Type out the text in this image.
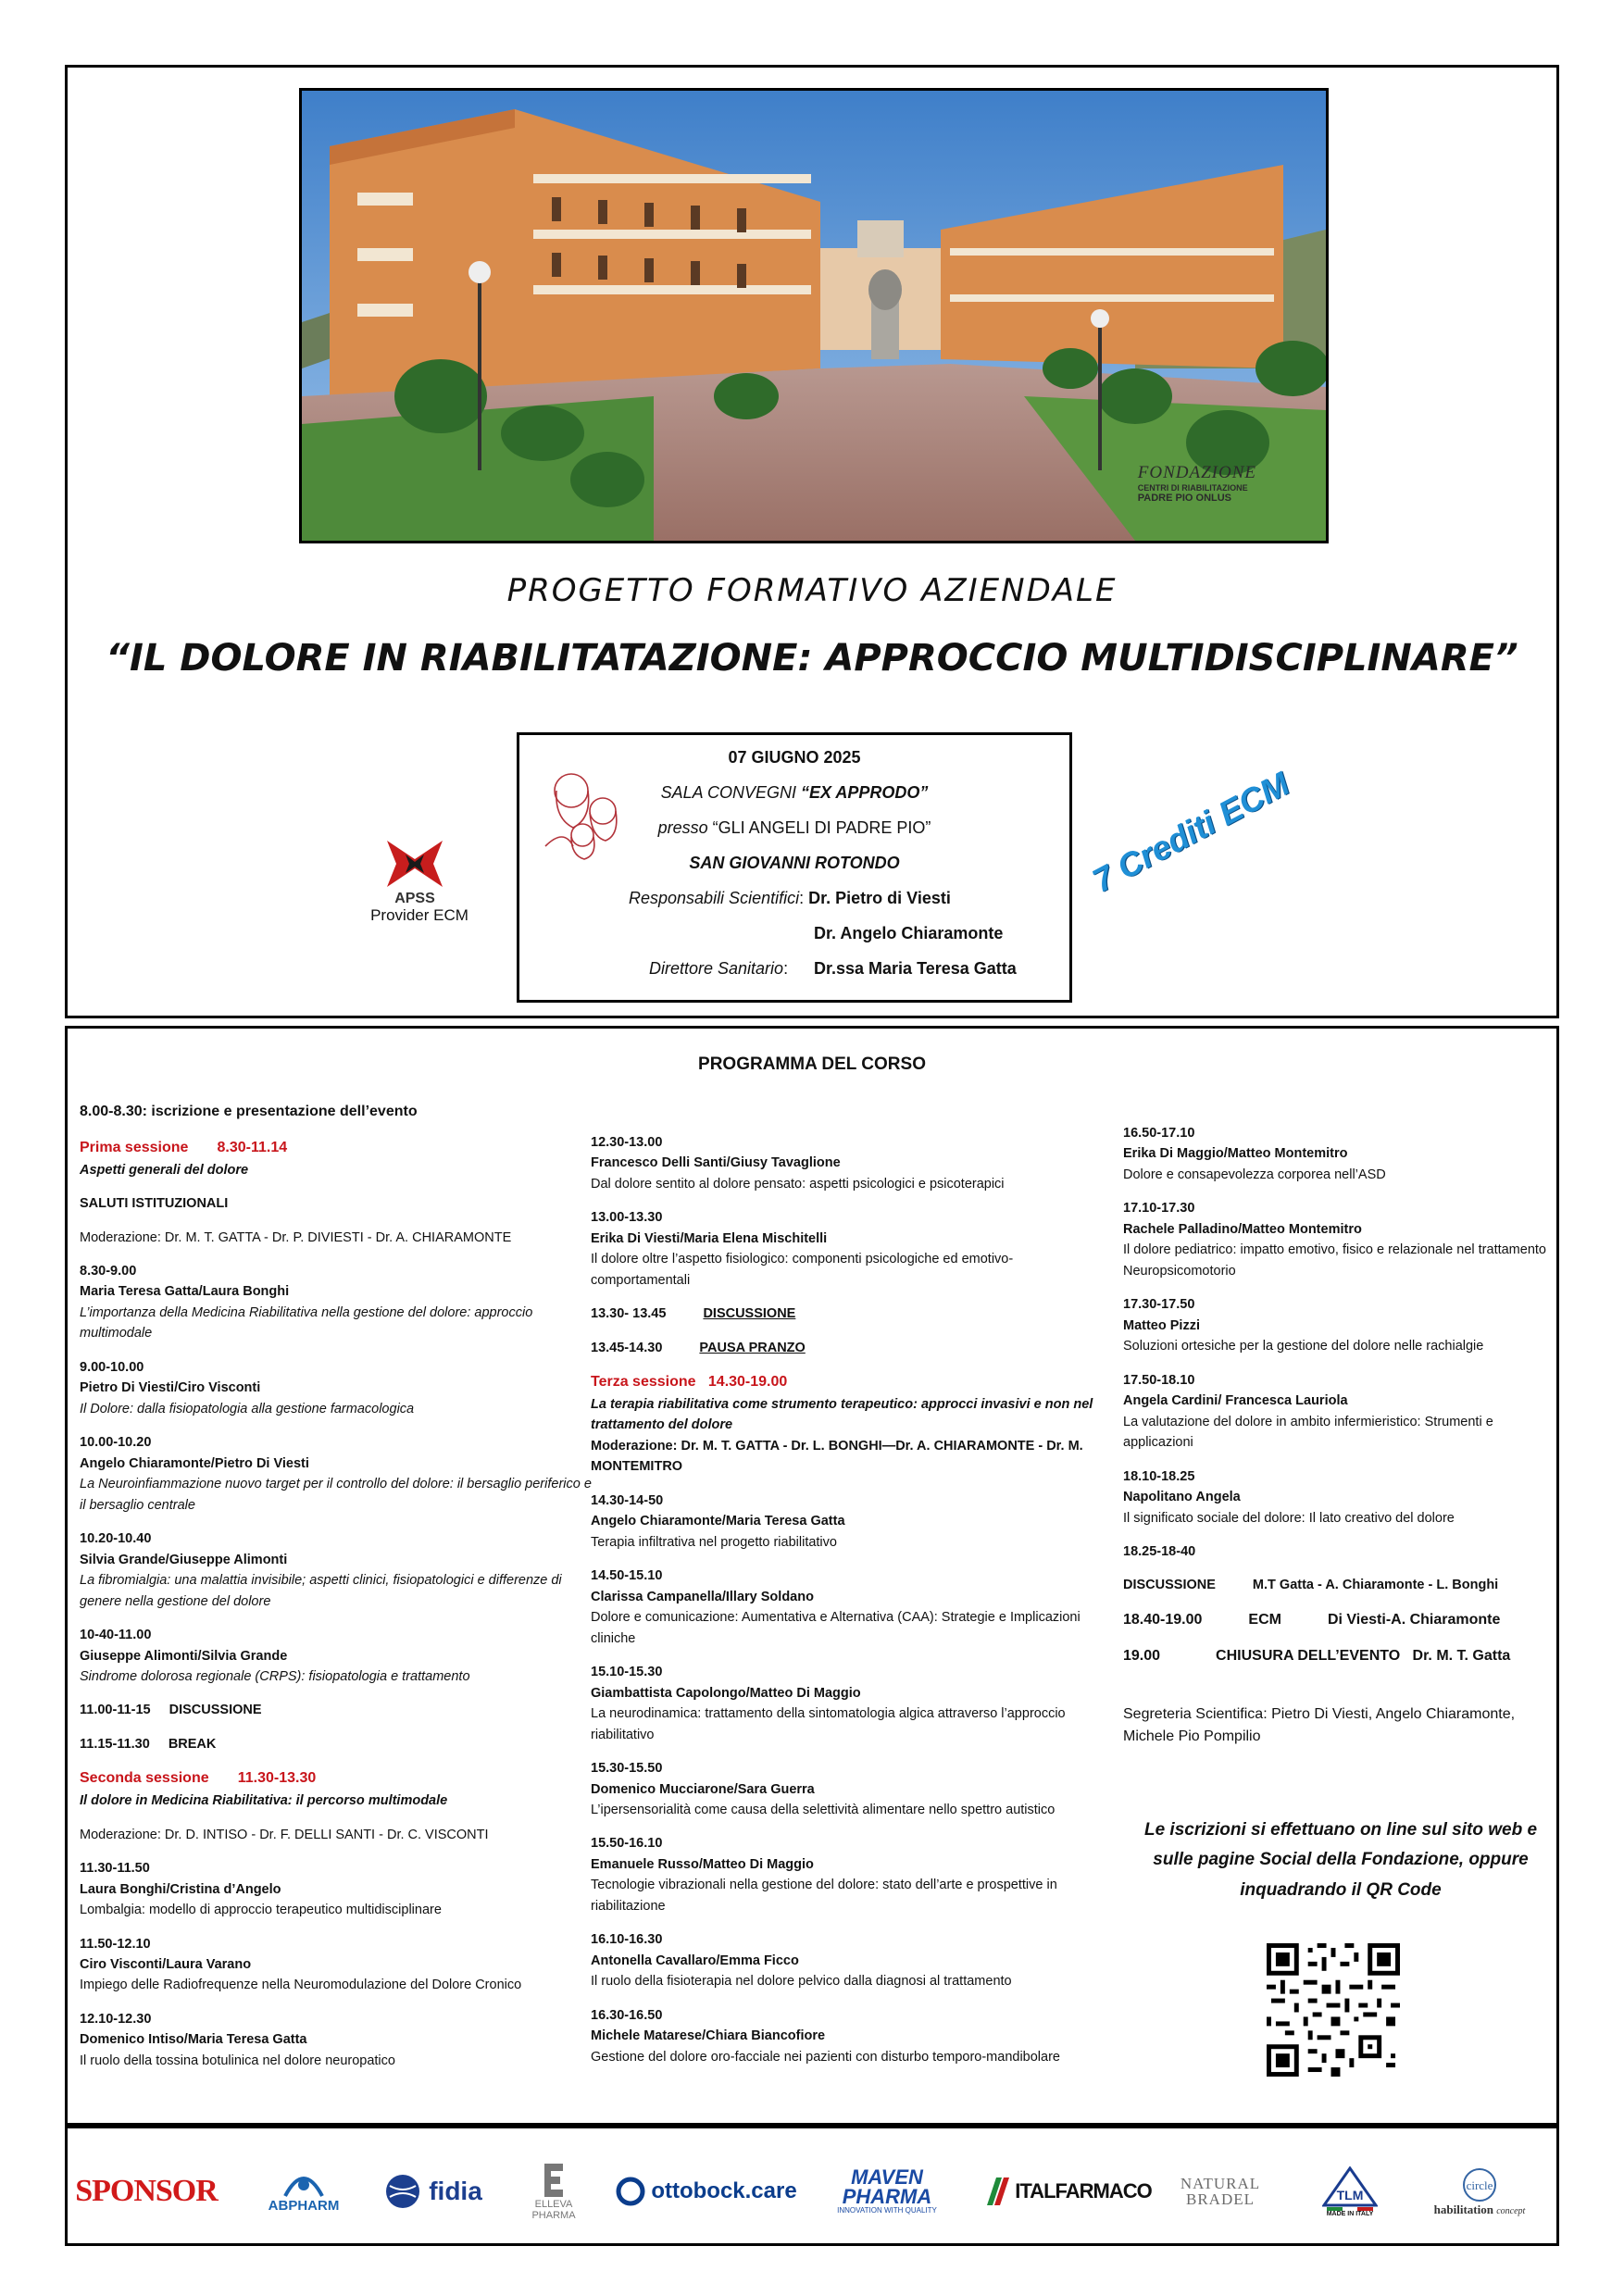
FONDAZIONE
CENTRI DI RIABILITAZIONE
PADRE PIO ONLUS
PROGETTO FORMATIVO AZIENDALE
“IL DOLORE IN RIABILITATAZIONE: APPROCCIO MULTIDISCIPLINARE”
APSS
Provider ECM
07 GIUGNO 2025
SALA CONVEGNI “EX APPRODO”
presso “GLI ANGELI DI PADRE PIO”
SAN GIOVANNI ROTONDO
Responsabili Scientifici: Dr. Pietro di Viesti
Dr. Angelo Chiaramonte
Direttore Sanitario: Dr.ssa Maria Teresa Gatta
7 Crediti ECM
PROGRAMMA DEL CORSO

8.00-8.30: iscrizione e presentazione dell’evento

Prima sessione 8.30-11.14

Aspetti generali del dolore

SALUTI ISTITUZIONALI

Moderazione: Dr. M. T. GATTA - Dr. P. DIVIESTI - Dr. A. CHIARAMONTE

8.30-9.00

Maria Teresa Gatta/Laura Bonghi

L’importanza della Medicina Riabilitativa nella gestione del dolore: approccio multimodale

9.00-10.00

Pietro Di Viesti/Ciro Visconti

Il Dolore: dalla fisiopatologia alla gestione farmacologica

10.00-10.20

Angelo Chiaramonte/Pietro Di Viesti

La Neuroinfiammazione nuovo target per il controllo del dolore: il bersaglio periferico e il bersaglio centrale

10.20-10.40

Silvia Grande/Giuseppe Alimonti

La fibromialgia: una malattia invisibile; aspetti clinici, fisiopatologici e differenze di genere nella gestione del dolore

10-40-11.00

Giuseppe Alimonti/Silvia Grande

Sindrome dolorosa regionale (CRPS): fisiopatologia e trattamento

11.00-11-15 DISCUSSIONE

11.15-11.30 BREAK

Seconda sessione 11.30-13.30

Il dolore in Medicina Riabilitativa: il percorso multimodale

Moderazione: Dr. D. INTISO - Dr. F. DELLI SANTI - Dr. C. VISCONTI

11.30-11.50

Laura Bonghi/Cristina d’Angelo

Lombalgia: modello di approccio terapeutico multidisciplinare

11.50-12.10

Ciro Visconti/Laura Varano

Impiego delle Radiofrequenze nella Neuromodulazione del Dolore Cronico

12.10-12.30

Domenico Intiso/Maria Teresa Gatta

Il ruolo della tossina botulinica nel dolore neuropatico

12.30-13.00

Francesco Delli Santi/Giusy Tavaglione

Dal dolore sentito al dolore pensato: aspetti psicologici e psicoterapici

13.00-13.30

Erika Di Viesti/Maria Elena Mischitelli

Il dolore oltre l’aspetto fisiologico: componenti psicologiche ed emotivo-comportamentali

13.30- 13.45	DISCUSSIONE

13.45-14.30	PAUSA PRANZO

Terza sessione 14.30-19.00

La terapia riabilitativa come strumento terapeutico: approcci invasivi e non nel trattamento del dolore

Moderazione: Dr. M. T. GATTA - Dr. L. BONGHI—Dr. A. CHIARAMONTE - Dr. M. MONTEMITRO

14.30-14-50

Angelo Chiaramonte/Maria Teresa Gatta

Terapia infiltrativa nel progetto riabilitativo

14.50-15.10

Clarissa Campanella/Illary Soldano

Dolore e comunicazione: Aumentativa e Alternativa (CAA): Strategie e Implicazioni cliniche

15.10-15.30

Giambattista Capolongo/Matteo Di Maggio

La neurodinamica: trattamento della sintomatologia algica attraverso l’approccio riabilitativo

15.30-15.50

Domenico Mucciarone/Sara Guerra

L’ipersensorialità come causa della selettività alimentare nello spettro autistico

15.50-16.10

Emanuele Russo/Matteo Di Maggio

Tecnologie vibrazionali nella gestione del dolore: stato dell’arte e prospettive in riabilitazione

16.10-16.30

Antonella Cavallaro/Emma Ficco

Il ruolo della fisioterapia nel dolore pelvico dalla diagnosi al trattamento

16.30-16.50

Michele Matarese/Chiara Biancofiore

Gestione del dolore oro-facciale nei pazienti con disturbo temporo-mandibolare

16.50-17.10

Erika Di Maggio/Matteo Montemitro

Dolore e consapevolezza corporea nell’ASD

17.10-17.30

Rachele Palladino/Matteo Montemitro

Il dolore pediatrico: impatto emotivo, fisico e relazionale nel trattamento Neuropsicomotorio

17.30-17.50

Matteo Pizzi

Soluzioni ortesiche per la gestione del dolore nelle rachialgie

17.50-18.10

Angela Cardini/ Francesca Lauriola

La valutazione del dolore in ambito infermieristico: Strumenti e applicazioni

18.10-18.25

Napolitano Angela

Il significato sociale del dolore: Il lato creativo del dolore

18.25-18-40

DISCUSSIONE	M.T Gatta - A. Chiaramonte - L. Bonghi

18.40-19.00	ECM	Di Viesti-A. Chiaramonte

19.00	CHIUSURA DELL’EVENTO Dr. M. T. Gatta

Segreteria Scientifica: Pietro Di Viesti, Angelo Chiaramonte, Michele Pio Pompilio

Le iscrizioni si effettuano on line sul sito web e sulle pagine Social della Fondazione, oppure inquadrando il QR Code
SPONSOR	ABPHARM	fidia	ELLEVA
PHARMA
ottobock.care
MAVEN
PHARMA
INNOVATION WITH QUALITY
ITALFARMACO NATURAL
BRADEL	TLM
MADE IN ITALY
circle
habilitation concept
